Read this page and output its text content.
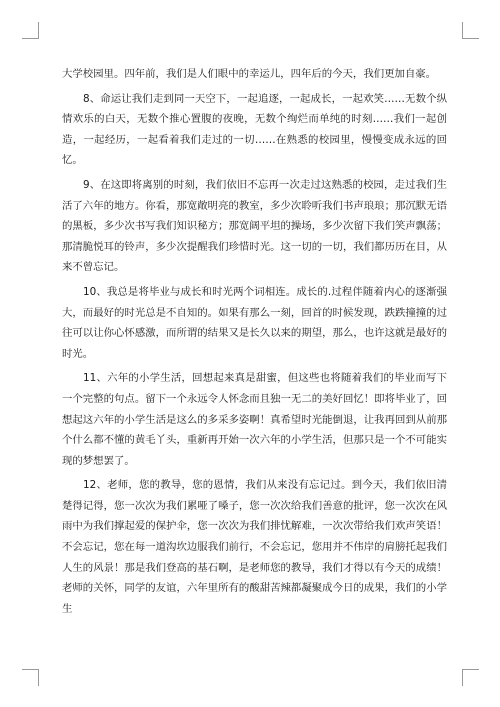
大学校园里。四年前，我们是人们眼中的幸运儿，四年后的今天，我们更加自豪。

8、命运让我们走到同一天空下，一起追逐，一起成长，一起欢笑……无数个纵情欢乐的白天，无数个推心置腹的夜晚，无数个绚烂而单纯的时刻……我们一起创造，一起经历，一起看着我们走过的一切……在熟悉的校园里，慢慢变成永远的回忆。

9、在这即将离别的时刻，我们依旧不忘再一次走过这熟悉的校园，走过我们生活了六年的地方。你看，那宽敞明亮的教室，多少次聆听我们书声琅琅；那沉默无语的黑板，多少次书写我们知识秘方；那宽阔平坦的操场，多少次留下我们笑声飘荡；那清脆悦耳的铃声，多少次提醒我们珍惜时光。这一切的一切，我们都历历在目，从来不曾忘记。

10、我总是将毕业与成长和时光两个词相连。成长的.过程伴随着内心的逐渐强大，而最好的时光总是不自知的。如果有那么一刻，回首的时候发现，跌跌撞撞的过往可以让你心怀感激，而所谓的结果又是长久以来的期望，那么，也许这就是最好的时光。

11、六年的小学生活，回想起来真是甜蜜，但这些也将随着我们的毕业而写下一个完整的句点。留下一个永远令人怀念而且独一无二的美好回忆！即将毕业了，回想起这六年的小学生活是这么的多采多姿啊！真希望时光能倒退，让我再回到从前那个什么都不懂的黄毛丫头，重新再开始一次六年的小学生活，但那只是一个不可能实现的梦想罢了。

12、老师，您的教导，您的恩情，我们从来没有忘记过。到今天，我们依旧清楚得记得，您一次次为我们累哑了嗓子，您一次次给我们善意的批评，您一次次在风雨中为我们撑起爱的保护伞，您一次次为我们排忧解难，一次次带给我们欢声笑语！不会忘记，您在每一道沟坎边服我们前行，不会忘记，您用并不伟岸的肩膀托起我们人生的风景！那是我们登高的基石啊，是老师您的教导，我们才得以有今天的成绩！老师的关怀，同学的友谊，六年里所有的酸甜苦辣都凝聚成今日的成果，我们的小学生
